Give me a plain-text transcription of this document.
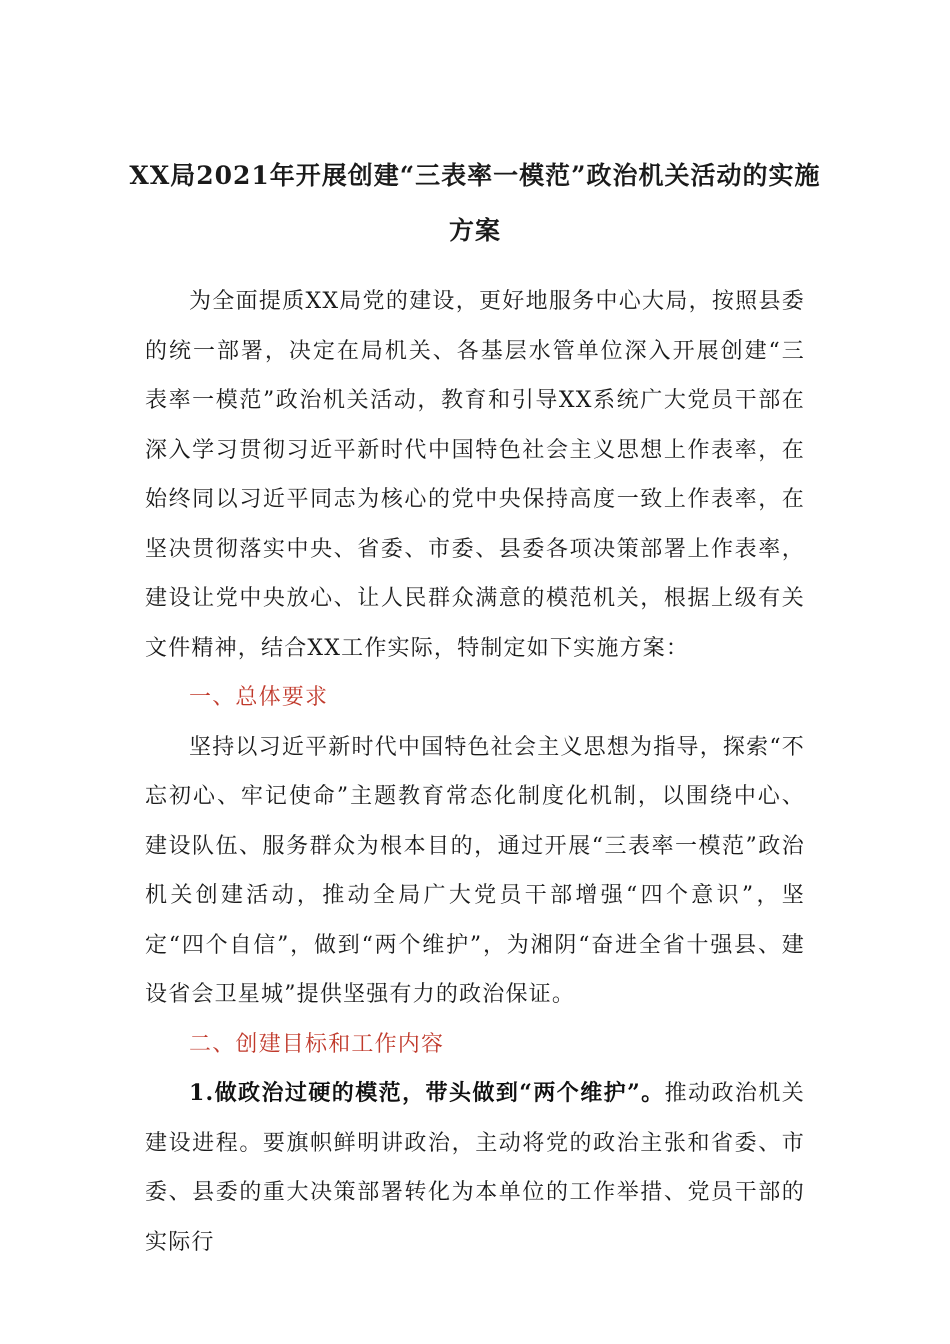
XX局2021年开展创建“三表率一模范”政治机关活动的实施方案

为全面提质XX局党的建设，更好地服务中心大局，按照县委的统一部署，决定在局机关、各基层水管单位深入开展创建“三表率一模范”政治机关活动，教育和引导XX系统广大党员干部在深入学习贯彻习近平新时代中国特色社会主义思想上作表率，在始终同以习近平同志为核心的党中央保持高度一致上作表率，在坚决贯彻落实中央、省委、市委、县委各项决策部署上作表率，建设让党中央放心、让人民群众满意的模范机关，根据上级有关文件精神，结合XX工作实际，特制定如下实施方案：

一、总体要求

坚持以习近平新时代中国特色社会主义思想为指导，探索“不忘初心、牢记使命”主题教育常态化制度化机制，以围绕中心、建设队伍、服务群众为根本目的，通过开展“三表率一模范”政治机关创建活动，推动全局广大党员干部增强“四个意识”，坚定“四个自信”，做到“两个维护”，为湘阴“奋进全省十强县、建设省会卫星城”提供坚强有力的政治保证。

二、创建目标和工作内容

1.做政治过硬的模范，带头做到“两个维护”。推动政治机关建设进程。要旗帜鲜明讲政治，主动将党的政治主张和省委、市委、县委的重大决策部署转化为本单位的工作举措、党员干部的实际行
